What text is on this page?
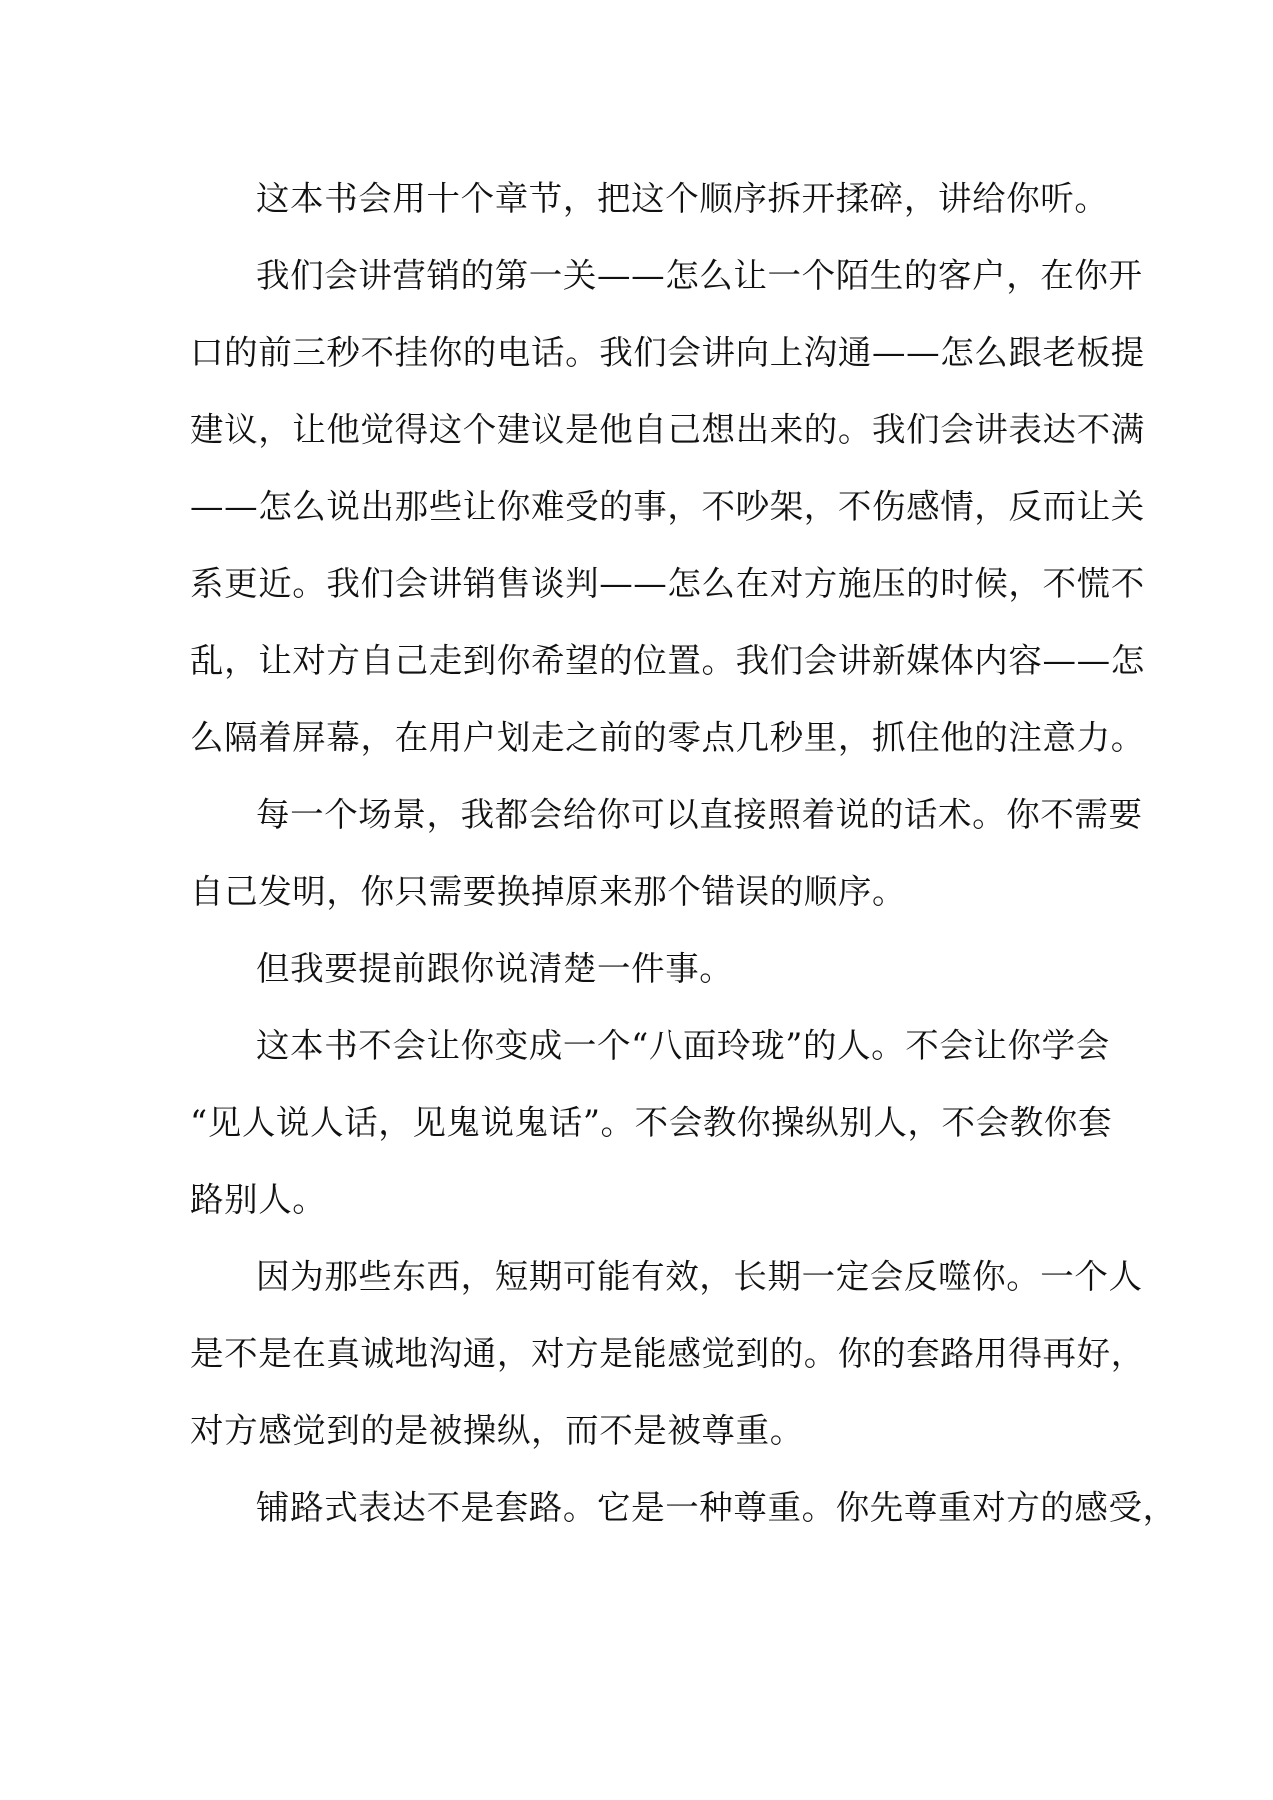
这本书会用十个章节，把这个顺序拆开揉碎，讲给你听。
我们会讲营销的第一关——怎么让一个陌生的客户，在你开
口的前三秒不挂你的电话。我们会讲向上沟通——怎么跟老板提
建议，让他觉得这个建议是他自己想出来的。我们会讲表达不满
——怎么说出那些让你难受的事，不吵架，不伤感情，反而让关
系更近。我们会讲销售谈判——怎么在对方施压的时候，不慌不
乱，让对方自己走到你希望的位置。我们会讲新媒体内容——怎
么隔着屏幕，在用户划走之前的零点几秒里，抓住他的注意力。
每一个场景，我都会给你可以直接照着说的话术。你不需要
自己发明，你只需要换掉原来那个错误的顺序。
但我要提前跟你说清楚一件事。
这本书不会让你变成一个“八面玲珑”的人。不会让你学会
“见人说人话，见鬼说鬼话”。不会教你操纵别人，不会教你套
路别人。
因为那些东西，短期可能有效，长期一定会反噬你。一个人
是不是在真诚地沟通，对方是能感觉到的。你的套路用得再好，
对方感觉到的是被操纵，而不是被尊重。
铺路式表达不是套路。它是一种尊重。你先尊重对方的感受，
